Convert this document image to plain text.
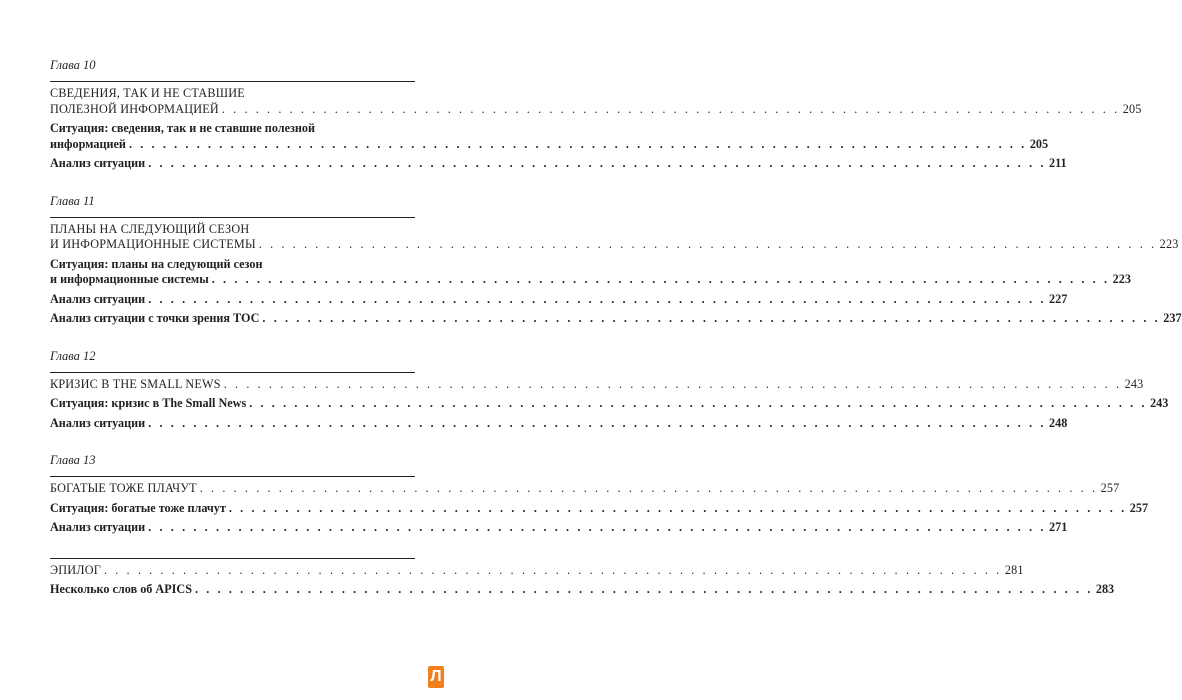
Глава 10
СВЕДЕНИЯ, ТАК И НЕ СТАВШИЕ
ПОЛЕЗНОЙ ИНФОРМАЦИЕЙ . . . . . . . . . . . . . . . . . . . . . . . . . . . . . . . . . . . . . . . . . . . . . . . . . . . . . . . . . . . . . . . . . . . . . . . . . . . . . . . . 205
Ситуация: сведения, так и не ставшие полезной
информацией . . . . . . . . . . . . . . . . . . . . . . . . . . . . . . . . . . . . . . . . . . . . . . . . . . . . . . . . . . . . . . . . . . . . . . . . . . . . . . . . 205
Анализ ситуации . . . . . . . . . . . . . . . . . . . . . . . . . . . . . . . . . . . . . . . . . . . . . . . . . . . . . . . . . . . . . . . . . . . . . . . . . . . . . . . . 211
Глава 11
ПЛАНЫ НА СЛЕДУЮЩИЙ СЕЗОН
И ИНФОРМАЦИОННЫЕ СИСТЕМЫ . . . . . . . . . . . . . . . . . . . . . . . . . . . . . . . . . . . . . . . . . . . . . . . . . . . . . . . . . . . . . . . . . . . . . . . . . . . . . . . . 223
Ситуация: планы на следующий сезон
и информационные системы . . . . . . . . . . . . . . . . . . . . . . . . . . . . . . . . . . . . . . . . . . . . . . . . . . . . . . . . . . . . . . . . . . . . . . . . . . . . . . . . 223
Анализ ситуации . . . . . . . . . . . . . . . . . . . . . . . . . . . . . . . . . . . . . . . . . . . . . . . . . . . . . . . . . . . . . . . . . . . . . . . . . . . . . . . . 227
Анализ ситуации с точки зрения ТОС . . . . . . . . . . . . . . . . . . . . . . . . . . . . . . . . . . . . . . . . . . . . . . . . . . . . . . . . . . . . . . . . . . . . . . . . . . . . . . . . 237
Глава 12
КРИЗИС В THE SMALL NEWS . . . . . . . . . . . . . . . . . . . . . . . . . . . . . . . . . . . . . . . . . . . . . . . . . . . . . . . . . . . . . . . . . . . . . . . . . . . . . . . . 243
Ситуация: кризис в The Small News . . . . . . . . . . . . . . . . . . . . . . . . . . . . . . . . . . . . . . . . . . . . . . . . . . . . . . . . . . . . . . . . . . . . . . . . . . . . . . . . 243
Анализ ситуации . . . . . . . . . . . . . . . . . . . . . . . . . . . . . . . . . . . . . . . . . . . . . . . . . . . . . . . . . . . . . . . . . . . . . . . . . . . . . . . . 248
Глава 13
БОГАТЫЕ ТОЖЕ ПЛАЧУТ . . . . . . . . . . . . . . . . . . . . . . . . . . . . . . . . . . . . . . . . . . . . . . . . . . . . . . . . . . . . . . . . . . . . . . . . . . . . . . . . 257
Ситуация: богатые тоже плачут . . . . . . . . . . . . . . . . . . . . . . . . . . . . . . . . . . . . . . . . . . . . . . . . . . . . . . . . . . . . . . . . . . . . . . . . . . . . . . . . 257
Анализ ситуации . . . . . . . . . . . . . . . . . . . . . . . . . . . . . . . . . . . . . . . . . . . . . . . . . . . . . . . . . . . . . . . . . . . . . . . . . . . . . . . . 271
ЭПИЛОГ . . . . . . . . . . . . . . . . . . . . . . . . . . . . . . . . . . . . . . . . . . . . . . . . . . . . . . . . . . . . . . . . . . . . . . . . . . . . . . . . 281
Несколько слов об APICS . . . . . . . . . . . . . . . . . . . . . . . . . . . . . . . . . . . . . . . . . . . . . . . . . . . . . . . . . . . . . . . . . . . . . . . . . . . . . . . . 283
Л
